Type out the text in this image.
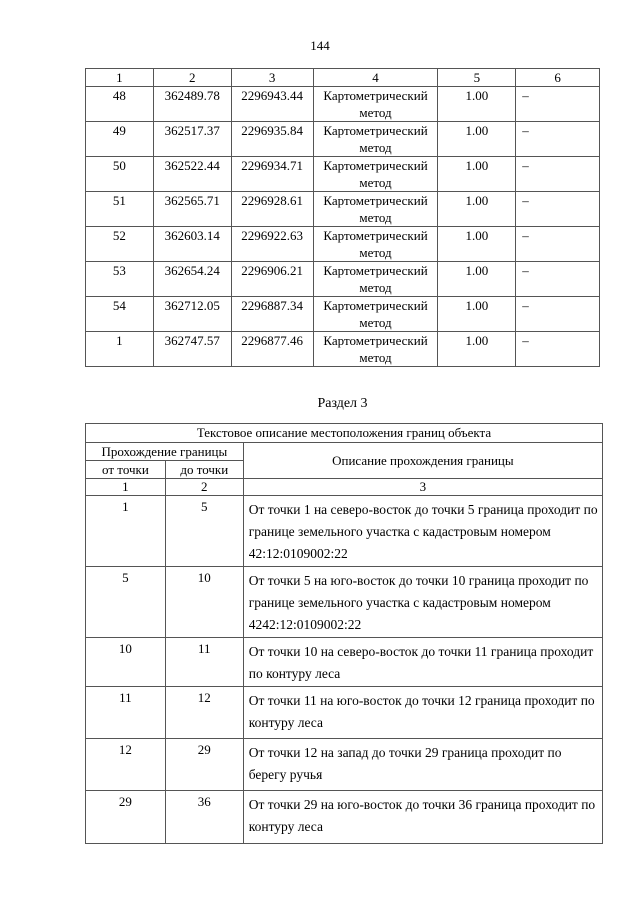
144
1	2	3	4	5	6
48	362489.78	2296943.44	Картометрический метод	1.00	–
49	362517.37	2296935.84	Картометрический метод	1.00	–
50	362522.44	2296934.71	Картометрический метод	1.00	–
51	362565.71	2296928.61	Картометрический метод	1.00	–
52	362603.14	2296922.63	Картометрический метод	1.00	–
53	362654.24	2296906.21	Картометрический метод	1.00	–
54	362712.05	2296887.34	Картометрический метод	1.00	–
1	362747.57	2296877.46	Картометрический метод	1.00	–
Раздел 3
Текстовое описание местоположения границ объекта		
Прохождение границы		Описание прохождения границы
от точки	до точки	
1	2	3
1	5	От точки 1 на северо-восток до точки 5 граница проходит по границе земельного участка с кадастровым номером 42:12:0109002:22
5	10	От точки 5 на юго-восток до точки 10 граница проходит по границе земельного участка с кадастровым номером 4242:12:0109002:22
10	11	От точки 10 на северо-восток до точки 11 граница проходит по контуру леса
11	12	От точки 11 на юго-восток до точки 12 граница проходит по контуру леса
12	29	От точки 12 на запад до точки 29 граница проходит по берегу ручья
29	36	От точки 29 на юго-восток до точки 36 граница проходит по контуру леса
